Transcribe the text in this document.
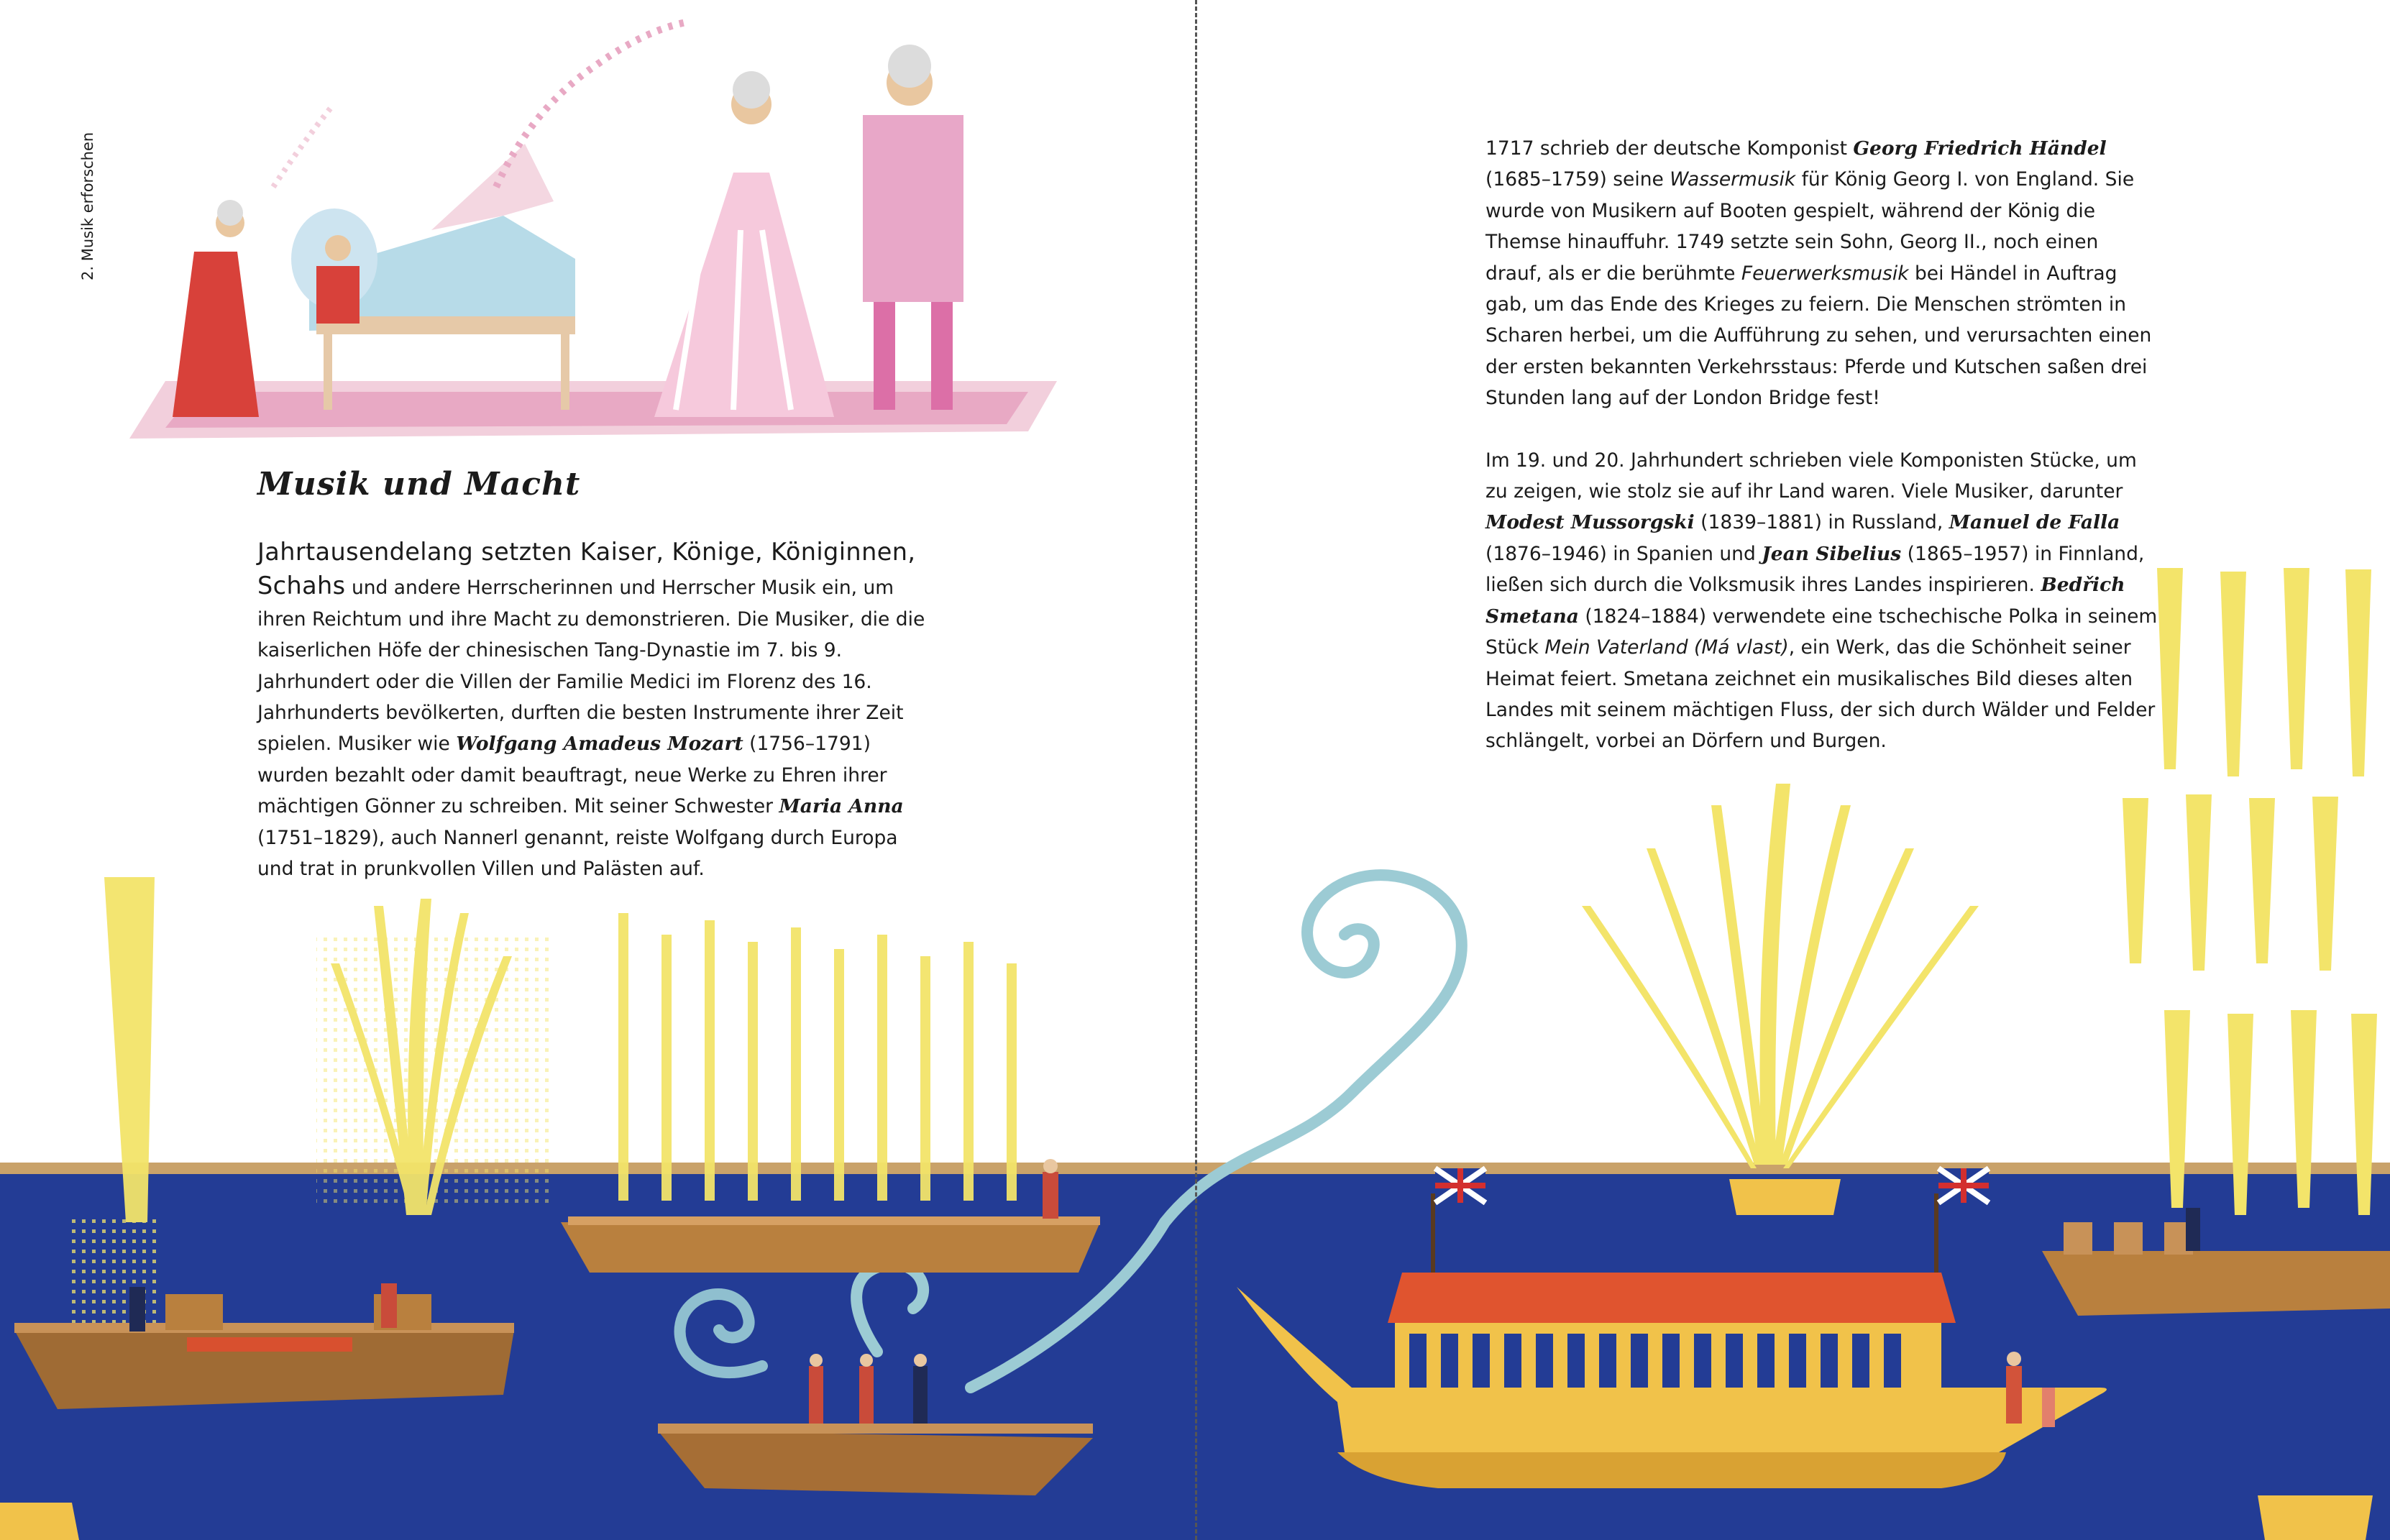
2. Musik erforschen
Musik und Macht
Jahrtausendelang setzten Kaiser, Könige, Königinnen, Schahs und andere Herrscherinnen und Herrscher Musik ein, um ihren Reichtum und ihre Macht zu demonstrieren. Die Musiker, die die kaiserlichen Höfe der chinesischen Tang-Dynastie im 7. bis 9. Jahrhundert oder die Villen der Familie Medici im Florenz des 16. Jahrhunderts bevölkerten, durften die besten Instrumente ihrer Zeit spielen. Musiker wie Wolfgang Amadeus Mozart (1756–1791) wurden bezahlt oder damit beauftragt, neue Werke zu Ehren ihrer mächtigen Gönner zu schreiben. Mit seiner Schwester Maria Anna (1751–1829), auch Nannerl genannt, reiste Wolfgang durch Europa und trat in prunkvollen Villen und Palästen auf.

1717 schrieb der deutsche Komponist Georg Friedrich Händel (1685–1759) seine Wassermusik für König Georg I. von England. Sie wurde von Musikern auf Booten gespielt, während der König die Themse hinauffuhr. 1749 setzte sein Sohn, Georg II., noch einen drauf, als er die berühmte Feuerwerksmusik bei Händel in Auftrag gab, um das Ende des Krieges zu feiern. Die Menschen strömten in Scharen herbei, um die Aufführung zu sehen, und verursachten einen der ersten bekannten Verkehrsstaus: Pferde und Kutschen saßen drei Stunden lang auf der London Bridge fest!

Im 19. und 20. Jahrhundert schrieben viele Komponisten Stücke, um zu zeigen, wie stolz sie auf ihr Land waren. Viele Musiker, darunter Modest Mussorgski (1839–1881) in Russland, Manuel de Falla (1876–1946) in Spanien und Jean Sibelius (1865–1957) in Finnland, ließen sich durch die Volksmusik ihres Landes inspirieren. Bedřich Smetana (1824–1884) verwendete eine tschechische Polka in seinem Stück Mein Vaterland (Má vlast), ein Werk, das die Schönheit seiner Heimat feiert. Smetana zeichnet ein musikalisches Bild dieses alten Landes mit seinem mächtigen Fluss, der sich durch Wälder und Felder schlängelt, vorbei an Dörfern und Burgen.
